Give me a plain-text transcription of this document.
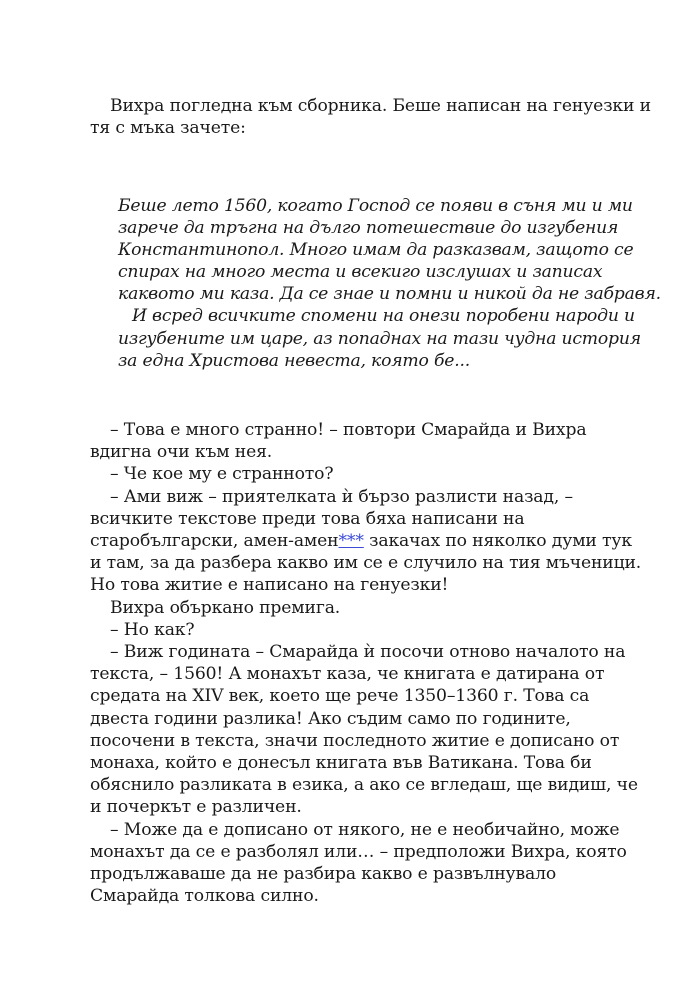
Вихра погледна към сборника. Беше написан на генуезки и
тя с мъка зачете:

Беше лето 1560, когато Господ се появи в съня ми и ми
зарече да тръгна на дълго потешествие до изгубения
Константинопол. Много имам да разказвам, защото се
спирах на много места и всекиго изслушах и записах
каквото ми каза. Да се знае и помни и никой да не забравя.
И всред всичките спомени на онези поробени народи и
изгубените им царе, аз попаднах на тази чудна история
за една Христова невеста, която бе...
– Това е много странно! – повтори Смарайда и Вихра
вдигна очи към нея.
– Че кое му е странното?
– Ами виж – приятелката ѝ бързо разлисти назад, –
всичките текстове преди това бяха написани на
старобългарски, амен-амен*** закачах по няколко думи тук
и там, за да разбера какво им се е случило на тия мъченици.
Но това житие е написано на генуезки!
Вихра объркано премига.
– Но как?
– Виж годината – Смарайда ѝ посочи отново началото на
текста, – 1560! А монахът каза, че книгата е датирана от
средата на XIV век, което ще рече 1350–1360 г. Това са
двеста години разлика! Ако съдим само по годините,
посочени в текста, значи последното житие е дописано от
монаха, който е донесъл книгата във Ватикана. Това би
обяснило разликата в езика, а ако се вгледаш, ще видиш, че
и почеркът е различен.
– Може да е дописано от някого, не е необичайно, може
монахът да се е разболял или… – предположи Вихра, която
продължаваше да не разбира какво е развълнувало
Смарайда толкова силно.
